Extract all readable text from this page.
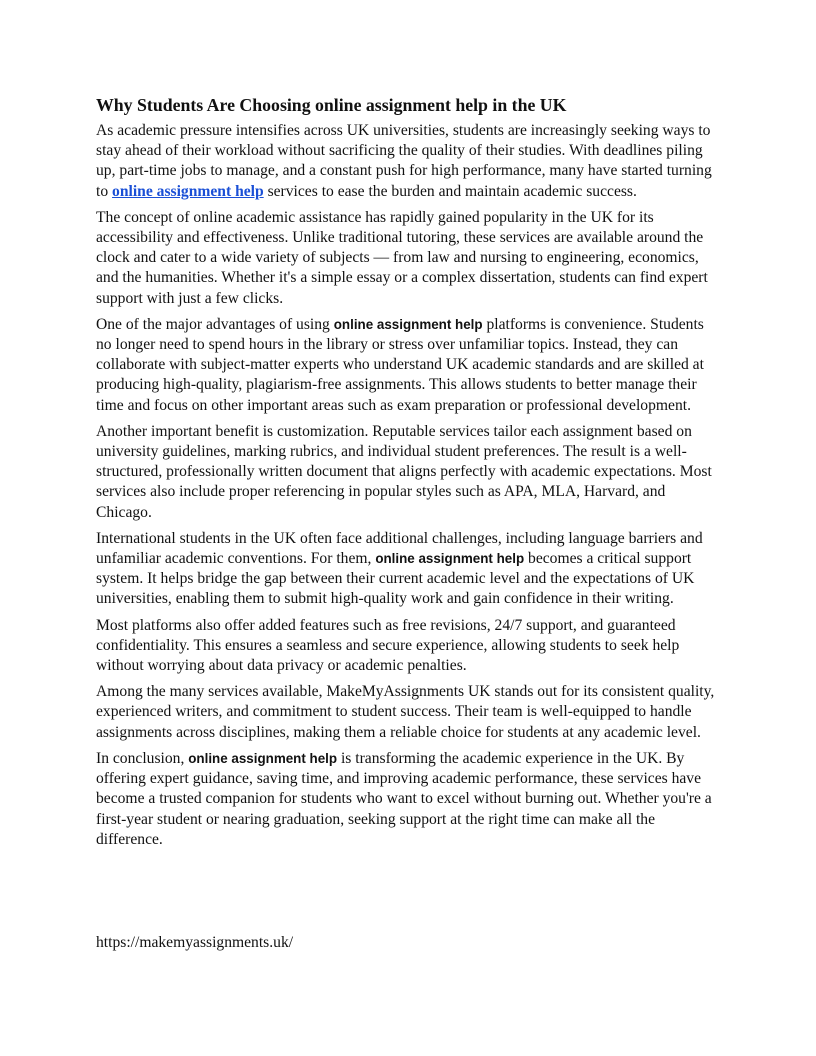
Why Students Are Choosing online assignment help in the UK

As academic pressure intensifies across UK universities, students are increasingly seeking ways to stay ahead of their workload without sacrificing the quality of their studies. With deadlines piling up, part-time jobs to manage, and a constant push for high performance, many have started turning to online assignment help services to ease the burden and maintain academic success.

The concept of online academic assistance has rapidly gained popularity in the UK for its accessibility and effectiveness. Unlike traditional tutoring, these services are available around the clock and cater to a wide variety of subjects — from law and nursing to engineering, economics, and the humanities. Whether it's a simple essay or a complex dissertation, students can find expert support with just a few clicks.

One of the major advantages of using online assignment help platforms is convenience. Students no longer need to spend hours in the library or stress over unfamiliar topics. Instead, they can collaborate with subject-matter experts who understand UK academic standards and are skilled at producing high-quality, plagiarism-free assignments. This allows students to better manage their time and focus on other important areas such as exam preparation or professional development.

Another important benefit is customization. Reputable services tailor each assignment based on university guidelines, marking rubrics, and individual student preferences. The result is a well-structured, professionally written document that aligns perfectly with academic expectations. Most services also include proper referencing in popular styles such as APA, MLA, Harvard, and Chicago.

International students in the UK often face additional challenges, including language barriers and unfamiliar academic conventions. For them, online assignment help becomes a critical support system. It helps bridge the gap between their current academic level and the expectations of UK universities, enabling them to submit high-quality work and gain confidence in their writing.

Most platforms also offer added features such as free revisions, 24/7 support, and guaranteed confidentiality. This ensures a seamless and secure experience, allowing students to seek help without worrying about data privacy or academic penalties.

Among the many services available, MakeMyAssignments UK stands out for its consistent quality, experienced writers, and commitment to student success. Their team is well-equipped to handle assignments across disciplines, making them a reliable choice for students at any academic level.

In conclusion, online assignment help is transforming the academic experience in the UK. By offering expert guidance, saving time, and improving academic performance, these services have become a trusted companion for students who want to excel without burning out. Whether you're a first-year student or nearing graduation, seeking support at the right time can make all the difference.

https://makemyassignments.uk/
